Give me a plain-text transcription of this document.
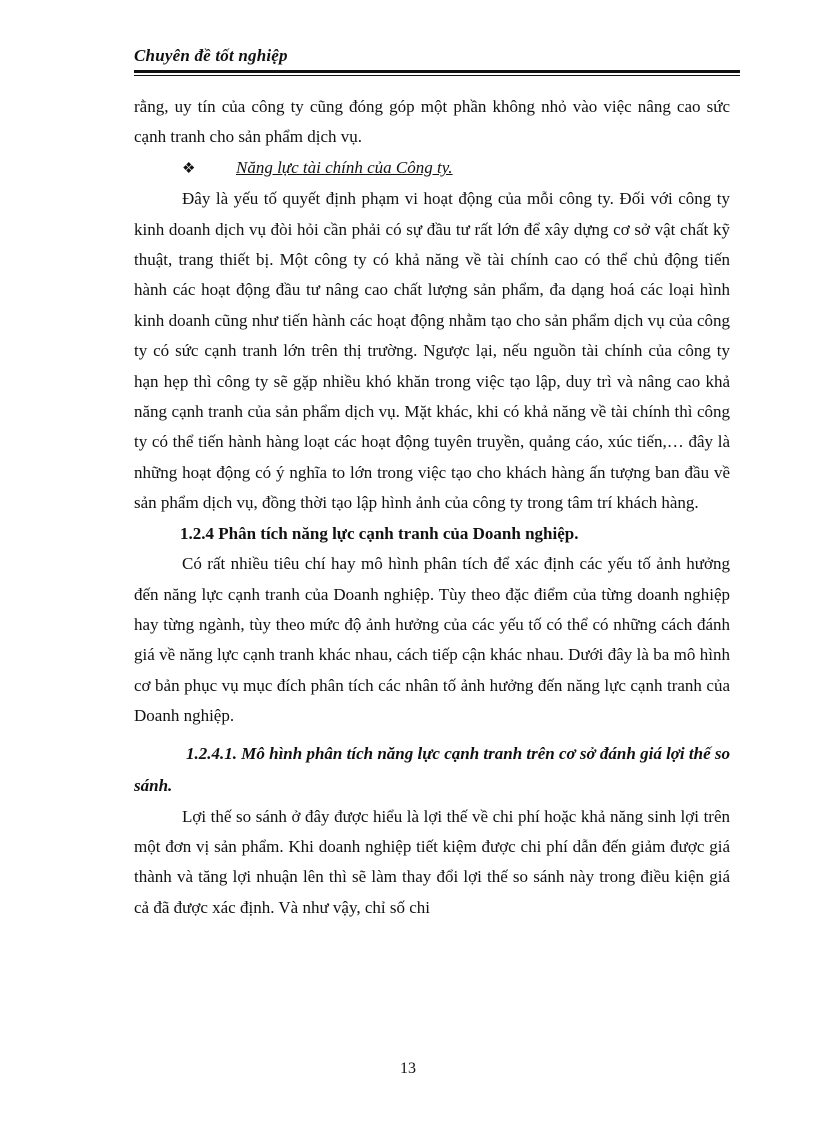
Chuyên đề tốt nghiệp

rằng, uy tín của công ty cũng đóng góp một phần không nhỏ vào việc nâng cao sức cạnh tranh cho sản phẩm dịch vụ.

❖ Năng lực tài chính của Công ty.

Đây là yếu tố quyết định phạm vi hoạt động của mỗi công ty. Đối với công ty kinh doanh dịch vụ đòi hỏi cần phải có sự đầu tư rất lớn để xây dựng cơ sở vật chất kỹ thuật, trang thiết bị. Một công ty có khả năng về tài chính cao có thể chủ động tiến hành các hoạt động đầu tư nâng cao chất lượng sản phẩm, đa dạng hoá các loại hình kinh doanh cũng như tiến hành các hoạt động nhằm tạo cho sản phẩm dịch vụ của công ty có sức cạnh tranh lớn trên thị trường. Ngược lại, nếu nguồn tài chính của công ty hạn hẹp thì công ty sẽ gặp nhiều khó khăn trong việc tạo lập, duy trì và nâng cao khả năng cạnh tranh của sản phẩm dịch vụ. Mặt khác, khi có khả năng về tài chính thì công ty có thể tiến hành hàng loạt các hoạt động tuyên truyền, quảng cáo, xúc tiến,… đây là những hoạt động có ý nghĩa to lớn trong việc tạo cho khách hàng ấn tượng ban đầu về sản phẩm dịch vụ, đồng thời tạo lập hình ảnh của công ty trong tâm trí khách hàng.

1.2.4 Phân tích năng lực cạnh tranh của Doanh nghiệp.

Có rất nhiều tiêu chí hay mô hình phân tích để xác định các yếu tố ảnh hưởng đến năng lực cạnh tranh của Doanh nghiệp. Tùy theo đặc điểm của từng doanh nghiệp hay từng ngành, tùy theo mức độ ảnh hưởng của các yếu tố có thể có những cách đánh giá về năng lực cạnh tranh khác nhau, cách tiếp cận khác nhau. Dưới đây là ba mô hình cơ bản phục vụ mục đích phân tích các nhân tố ảnh hưởng đến năng lực cạnh tranh của Doanh nghiệp.

1.2.4.1. Mô hình phân tích năng lực cạnh tranh trên cơ sở đánh giá lợi thế so sánh.

Lợi thế so sánh ở đây được hiểu là lợi thế về chi phí hoặc khả năng sinh lợi trên một đơn vị sản phẩm. Khi doanh nghiệp tiết kiệm được chi phí dẫn đến giảm được giá thành và tăng lợi nhuận lên thì sẽ làm thay đổi lợi thế so sánh này trong điều kiện giá cả đã được xác định. Và như vậy, chỉ số chi

13
